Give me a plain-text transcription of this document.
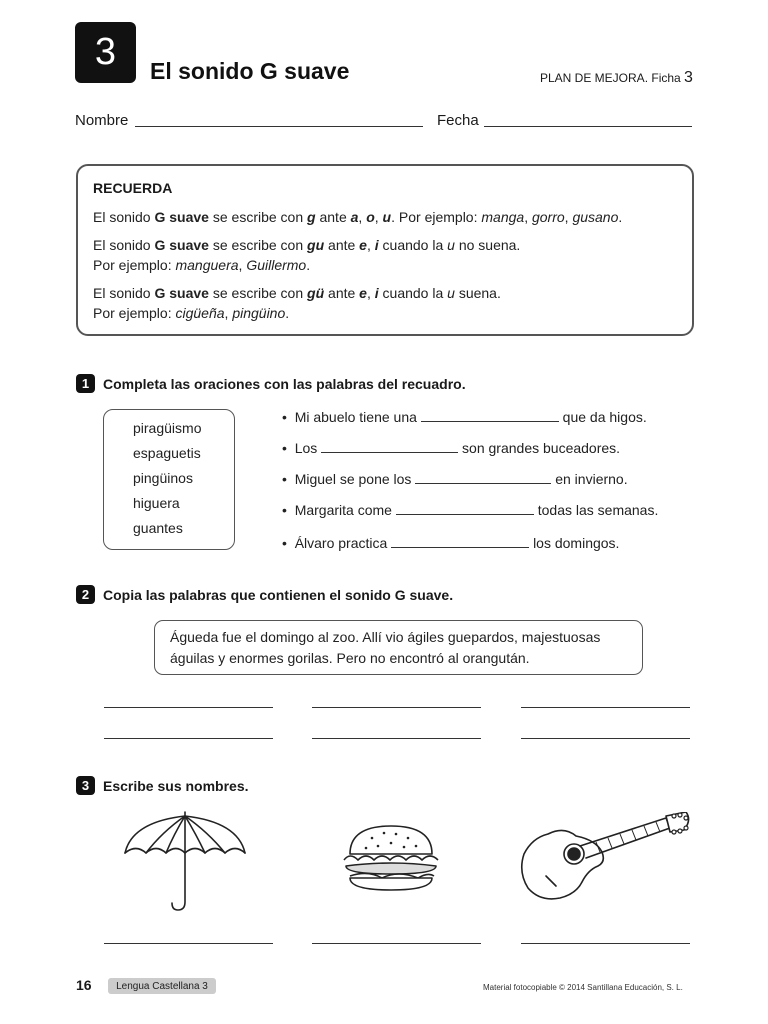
3 El sonido G suave	PLAN DE MEJORA. Ficha 3
Nombre	Fecha
RECUERDA
El sonido G suave se escribe con g ante a, o, u. Por ejemplo: manga, gorro, gusano.
El sonido G suave se escribe con gu ante e, i cuando la u no suena.
Por ejemplo: manguera, Guillermo.
El sonido G suave se escribe con gü ante e, i cuando la u suena.
Por ejemplo: cigüeña, pingüino.
1 Completa las oraciones con las palabras del recuadro.
piragüismo
espaguetis
pingüinos
higuera
guantes
• Mi abuelo tiene una	que da higos.
• Los	son grandes buceadores.
• Miguel se pone los	en invierno.
• Margarita come	todas las semanas.
• Álvaro practica	los domingos.
2 Copia las palabras que contienen el sonido G suave.
Águeda fue el domingo al zoo. Allí vio ágiles guepardos, majestuosas
águilas y enormes gorilas. Pero no encontró al orangután.
3 Escribe sus nombres.
16 Lengua Castellana 3	Material fotocopiable © 2014 Santillana Educación, S. L.
